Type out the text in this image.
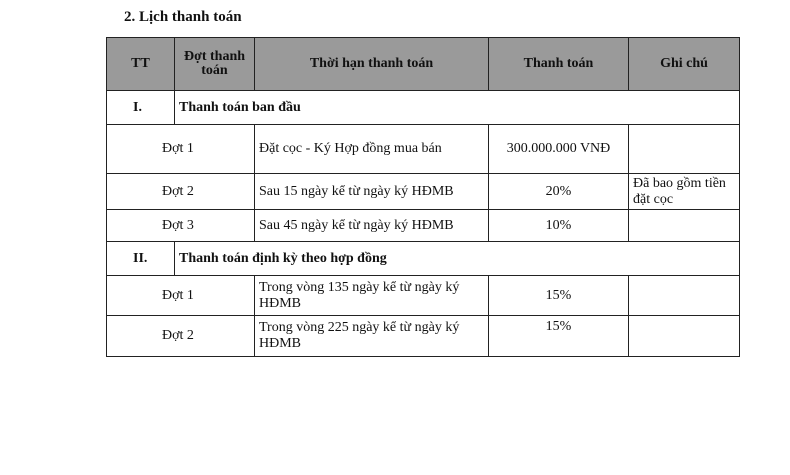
2. Lịch thanh toán
TT	Đợt thanh toán	Thời hạn thanh toán	Thanh toán	Ghi chú
I.	Thanh toán ban đầu			
Đợt 1		Đặt cọc - Ký Hợp đồng mua bán	300.000.000 VNĐ	
Đợt 2		Sau 15 ngày kể từ ngày ký HĐMB	20%	Đã bao gồm tiền đặt cọc
Đợt 3		Sau 45 ngày kể từ ngày ký HĐMB	10%	
II.	Thanh toán định kỳ theo hợp đồng			
Đợt 1		Trong vòng 135 ngày kể từ ngày ký HĐMB	15%	
Đợt 2		Trong vòng 225 ngày kể từ ngày ký HĐMB	15%	
